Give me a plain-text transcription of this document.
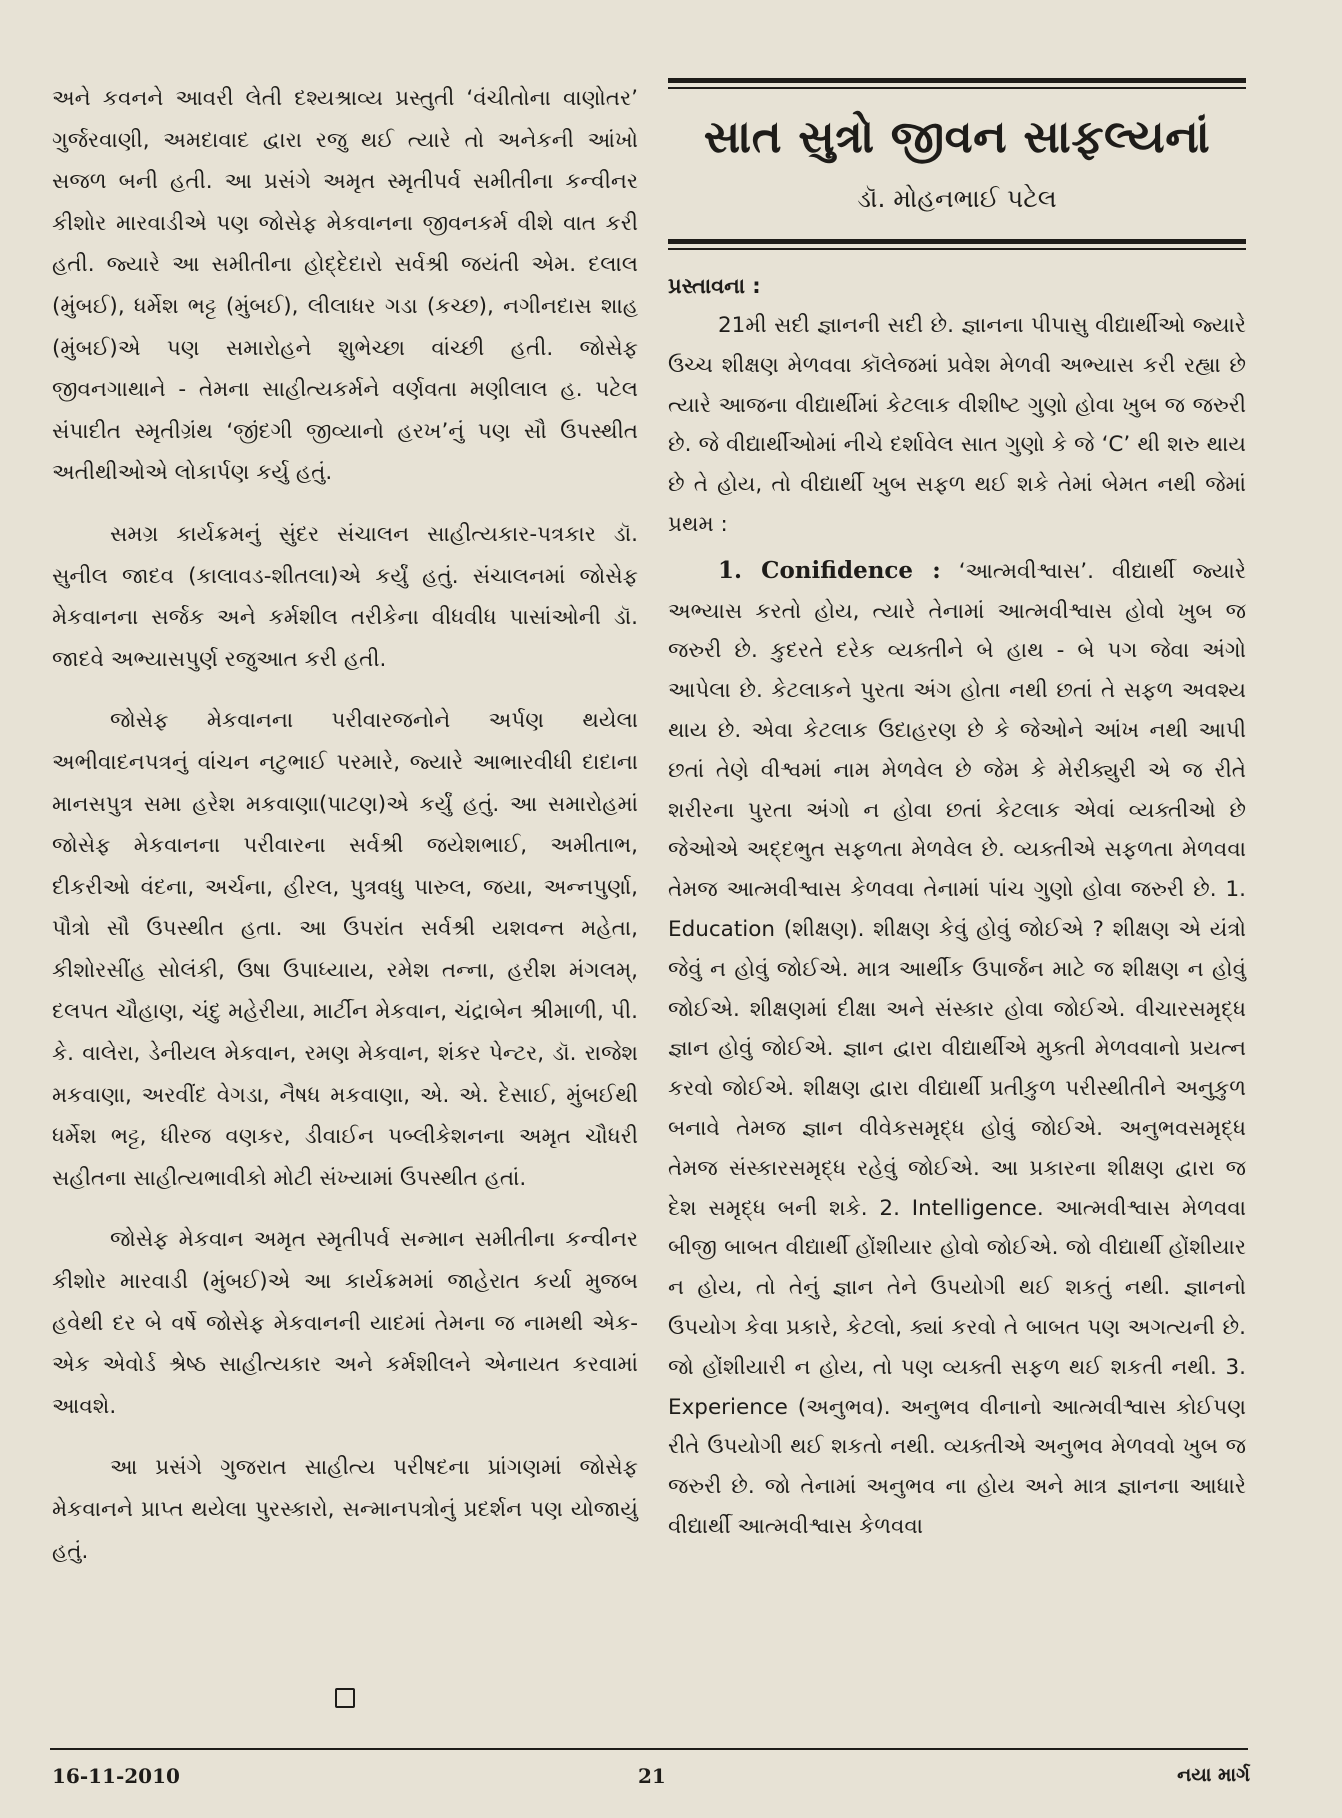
અને કવનને આવરી લેતી દશ્યશ્રાવ્ય પ્રસ્તુતી ‘વંચીતોના વાણોતર’ ગુર્જરવાણી, અમદાવાદ દ્વારા રજુ થઈ ત્યારે તો અનેકની આંખો સજળ બની હતી. આ પ્રસંગે અમૃત સ્મૃતીપર્વ સમીતીના કન્વીનર કીશોર મારવાડીએ પણ જોસેફ મેકવાનના જીવનકર્મ વીશે વાત કરી હતી. જ્યારે આ સમીતીના હોદ્દેદારો સર્વશ્રી જયંતી એમ. દલાલ (મુંબઈ), ધર્મેશ ભટ્ટ (મુંબઈ), લીલાધર ગડા (કચ્છ), નગીનદાસ શાહ (મુંબઈ)એ પણ સમારોહને શુભેચ્છા વાંચ્છી હતી. જોસેફ જીવનગાથાને - તેમના સાહીત્યકર્મને વર્ણવતા મણીલાલ હ. પટેલ સંપાદીત સ્મૃતીગ્રંથ ‘જીંદગી જીવ્યાનો હરખ’નું પણ સૌ ઉપસ્થીત અતીથીઓએ લોકાર્પણ કર્યુ હતું.

સમગ્ર કાર્યક્રમનું સુંદર સંચાલન સાહીત્યકાર-પત્રકાર ડૉ. સુનીલ જાદવ (કાલાવડ-શીતલા)એ કર્યું હતું. સંચાલનમાં જોસેફ મેકવાનના સર્જક અને કર્મશીલ તરીકેના વીધવીધ પાસાંઓની ડૉ. જાદવે અભ્યાસપુર્ણ રજુઆત કરી હતી.

જોસેફ મેકવાનના પરીવારજનોને અર્પણ થયેલા અભીવાદનપત્રનું વાંચન નટુભાઈ પરમારે, જ્યારે આભારવીધી દાદાના માનસપુત્ર સમા હરેશ મકવાણા(પાટણ)એ કર્યું હતું. આ સમારોહમાં જોસેફ મેકવાનના પરીવારના સર્વશ્રી જયેશભાઈ, અમીતાભ, દીકરીઓ વંદના, અર્ચના, હીરલ, પુત્રવધુ પારુલ, જયા, અન્નપુર્ણા, પૌત્રો સૌ ઉપસ્થીત હતા. આ ઉપરાંત સર્વશ્રી યશવન્ત મહેતા, કીશોરસીંહ સોલંકી, ઉષા ઉપાધ્યાય, રમેશ તન્ના, હરીશ મંગલમ્, દલપત ચૌહાણ, ચંદુ મહેરીયા, માર્ટીન મેકવાન, ચંદ્રાબેન શ્રીમાળી, પી. કે. વાલેરા, ડેનીયલ મેકવાન, રમણ મેકવાન, શંકર પેન્ટર, ડૉ. રાજેશ મકવાણા, અરવીંદ વેગડા, નૈષધ મકવાણા, એ. એ. દેસાઈ, મુંબઈથી ધર્મેશ ભટ્ટ, ધીરજ વણકર, ડીવાઈન પબ્લીકેશનના અમૃત ચૌધરી સહીતના સાહીત્યભાવીકો મોટી સંખ્યામાં ઉપસ્થીત હતાં.

જોસેફ મેકવાન અમૃત સ્મૃતીપર્વ સન્માન સમીતીના કન્વીનર કીશોર મારવાડી (મુંબઈ)એ આ કાર્યક્રમમાં જાહેરાત કર્યા મુજબ હવેથી દર બે વર્ષે જોસેફ મેકવાનની યાદમાં તેમના જ નામથી એક-એક એવોર્ડ શ્રેષ્ઠ સાહીત્યકાર અને કર્મશીલને એનાયત કરવામાં આવશે.

આ પ્રસંગે ગુજરાત સાહીત્ય પરીષદના પ્રાંગણમાં જોસેફ મેકવાનને પ્રાપ્ત થયેલા પુરસ્કારો, સન્માનપત્રોનું પ્રદર્શન પણ યોજાયું હતું.

સાત સુત્રો જીવન સાફલ્યનાં
ડૉ. મોહનભાઈ પટેલ
પ્રસ્તાવના :

21મી સદી જ્ઞાનની સદી છે. જ્ઞાનના પીપાસુ વીદ્યાર્થીઓ જ્યારે ઉચ્ચ શીક્ષણ મેળવવા કૉલેજમાં પ્રવેશ મેળવી અભ્યાસ કરી રહ્યા છે ત્યારે આજના વીદ્યાર્થીમાં કેટલાક વીશીષ્ટ ગુણો હોવા ખુબ જ જરુરી છે. જે વીદ્યાર્થીઓમાં નીચે દર્શાવેલ સાત ગુણો કે જે ‘C’ થી શરુ થાય છે તે હોય, તો વીદ્યાર્થી ખુબ સફળ થઈ શકે તેમાં બેમત નથી જેમાં પ્રથમ :

1. Conifidence : ‘આત્મવીશ્વાસ’. વીદ્યાર્થી જ્યારે અભ્યાસ કરતો હોય, ત્યારે તેનામાં આત્મવીશ્વાસ હોવો ખુબ જ જરુરી છે. કુદરતે દરેક વ્યક્તીને બે હાથ - બે પગ જેવા અંગો આપેલા છે. કેટલાકને પુરતા અંગ હોતા નથી છતાં તે સફળ અવશ્ય થાય છે. એવા કેટલાક ઉદાહરણ છે કે જેઓને આંખ નથી આપી છતાં તેણે વીશ્વમાં નામ મેળવેલ છે જેમ કે મેરીક્યુરી એ જ રીતે શરીરના પુરતા અંગો ન હોવા છતાં કેટલાક એવાં વ્યક્તીઓ છે જેઓએ અદ્દભુત સફળતા મેળવેલ છે. વ્યક્તીએ સફળતા મેળવવા તેમજ આત્મવીશ્વાસ કેળવવા તેનામાં પાંચ ગુણો હોવા જરુરી છે. 1. Education (શીક્ષણ). શીક્ષણ કેવું હોવું જોઈએ ? શીક્ષણ એ યંત્રો જેવું ન હોવું જોઈએ. માત્ર આર્થીક ઉપાર્જન માટે જ શીક્ષણ ન હોવું જોઈએ. શીક્ષણમાં દીક્ષા અને સંસ્કાર હોવા જોઈએ. વીચારસમૃદ્ધ જ્ઞાન હોવું જોઈએ. જ્ઞાન દ્વારા વીદ્યાર્થીએ મુક્તી મેળવવાનો પ્રયત્ન કરવો જોઈએ. શીક્ષણ દ્વારા વીદ્યાર્થી પ્રતીકુળ પરીસ્થીતીને અનુકુળ બનાવે તેમજ જ્ઞાન વીવેકસમૃદ્ધ હોવું જોઈએ. અનુભવસમૃદ્ધ તેમજ સંસ્કારસમૃદ્ધ રહેવું જોઈએ. આ પ્રકારના શીક્ષણ દ્વારા જ દેશ સમૃદ્ધ બની શકે. 2. Intelligence. આત્મવીશ્વાસ મેળવવા બીજી બાબત વીદ્યાર્થી હોંશીયાર હોવો જોઈએ. જો વીદ્યાર્થી હોંશીયાર ન હોય, તો તેનું જ્ઞાન તેને ઉપયોગી થઈ શકતું નથી. જ્ઞાનનો ઉપયોગ કેવા પ્રકારે, કેટલો, ક્યાં કરવો તે બાબત પણ અગત્યની છે. જો હોંશીયારી ન હોય, તો પણ વ્યક્તી સફળ થઈ શકતી નથી. 3. Experience (અનુભવ). અનુભવ વીનાનો આત્મવીશ્વાસ કોઈપણ રીતે ઉપયોગી થઈ શકતો નથી. વ્યક્તીએ અનુભવ મેળવવો ખુબ જ જરુરી છે. જો તેનામાં અનુભવ ના હોય અને માત્ર જ્ઞાનના આધારે વીદ્યાર્થી આત્મવીશ્વાસ કેળવવા

16-11-2010	21	નયા માર્ગ
